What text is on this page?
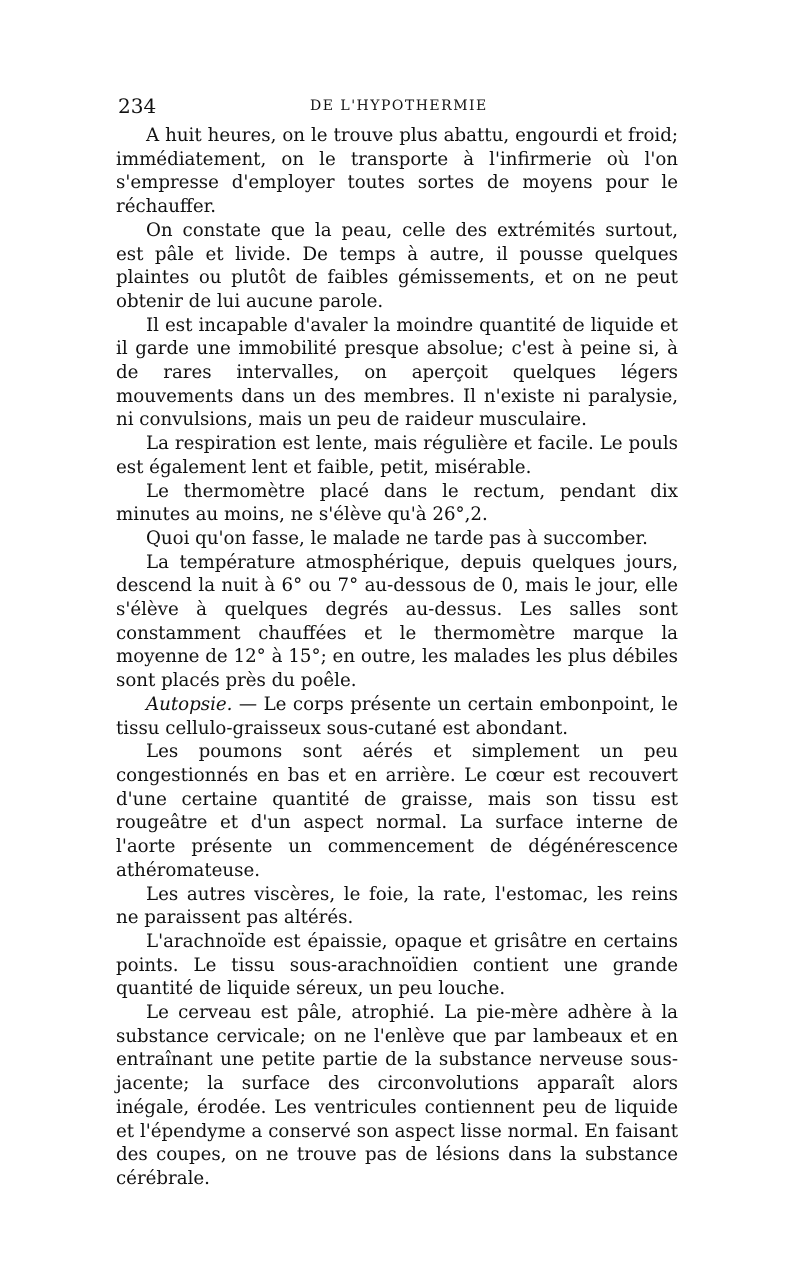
234	DE L'HYPOTHERMIE

A huit heures, on le trouve plus abattu, engourdi et froid; immédiatement, on le transporte à l'infirmerie où l'on s'empresse d'employer toutes sortes de moyens pour le réchauffer.

On constate que la peau, celle des extrémités surtout, est pâle et livide. De temps à autre, il pousse quelques plaintes ou plutôt de faibles gémissements, et on ne peut obtenir de lui aucune parole.

Il est incapable d'avaler la moindre quantité de liquide et il garde une immobilité presque absolue; c'est à peine si, à de rares intervalles, on aperçoit quelques légers mouvements dans un des membres. Il n'existe ni paralysie, ni convulsions, mais un peu de raideur musculaire.

La respiration est lente, mais régulière et facile. Le pouls est également lent et faible, petit, misérable.

Le thermomètre placé dans le rectum, pendant dix minutes au moins, ne s'élève qu'à 26°,2.

Quoi qu'on fasse, le malade ne tarde pas à succomber.

La température atmosphérique, depuis quelques jours, descend la nuit à 6° ou 7° au-dessous de 0, mais le jour, elle s'élève à quelques degrés au-dessus. Les salles sont constamment chauffées et le thermomètre marque la moyenne de 12° à 15°; en outre, les malades les plus débiles sont placés près du poêle.

Autopsie. — Le corps présente un certain embonpoint, le tissu cellulo-graisseux sous-cutané est abondant.

Les poumons sont aérés et simplement un peu congestionnés en bas et en arrière. Le cœur est recouvert d'une certaine quantité de graisse, mais son tissu est rougeâtre et d'un aspect normal. La surface interne de l'aorte présente un commencement de dégénérescence athéromateuse.

Les autres viscères, le foie, la rate, l'estomac, les reins ne paraissent pas altérés.

L'arachnoïde est épaissie, opaque et grisâtre en certains points. Le tissu sous-arachnoïdien contient une grande quantité de liquide séreux, un peu louche.

Le cerveau est pâle, atrophié. La pie-mère adhère à la substance cervicale; on ne l'enlève que par lambeaux et en entraînant une petite partie de la substance nerveuse sous-jacente; la surface des circonvolutions apparaît alors inégale, érodée. Les ventricules contiennent peu de liquide et l'épendyme a conservé son aspect lisse normal. En faisant des coupes, on ne trouve pas de lésions dans la substance cérébrale.
